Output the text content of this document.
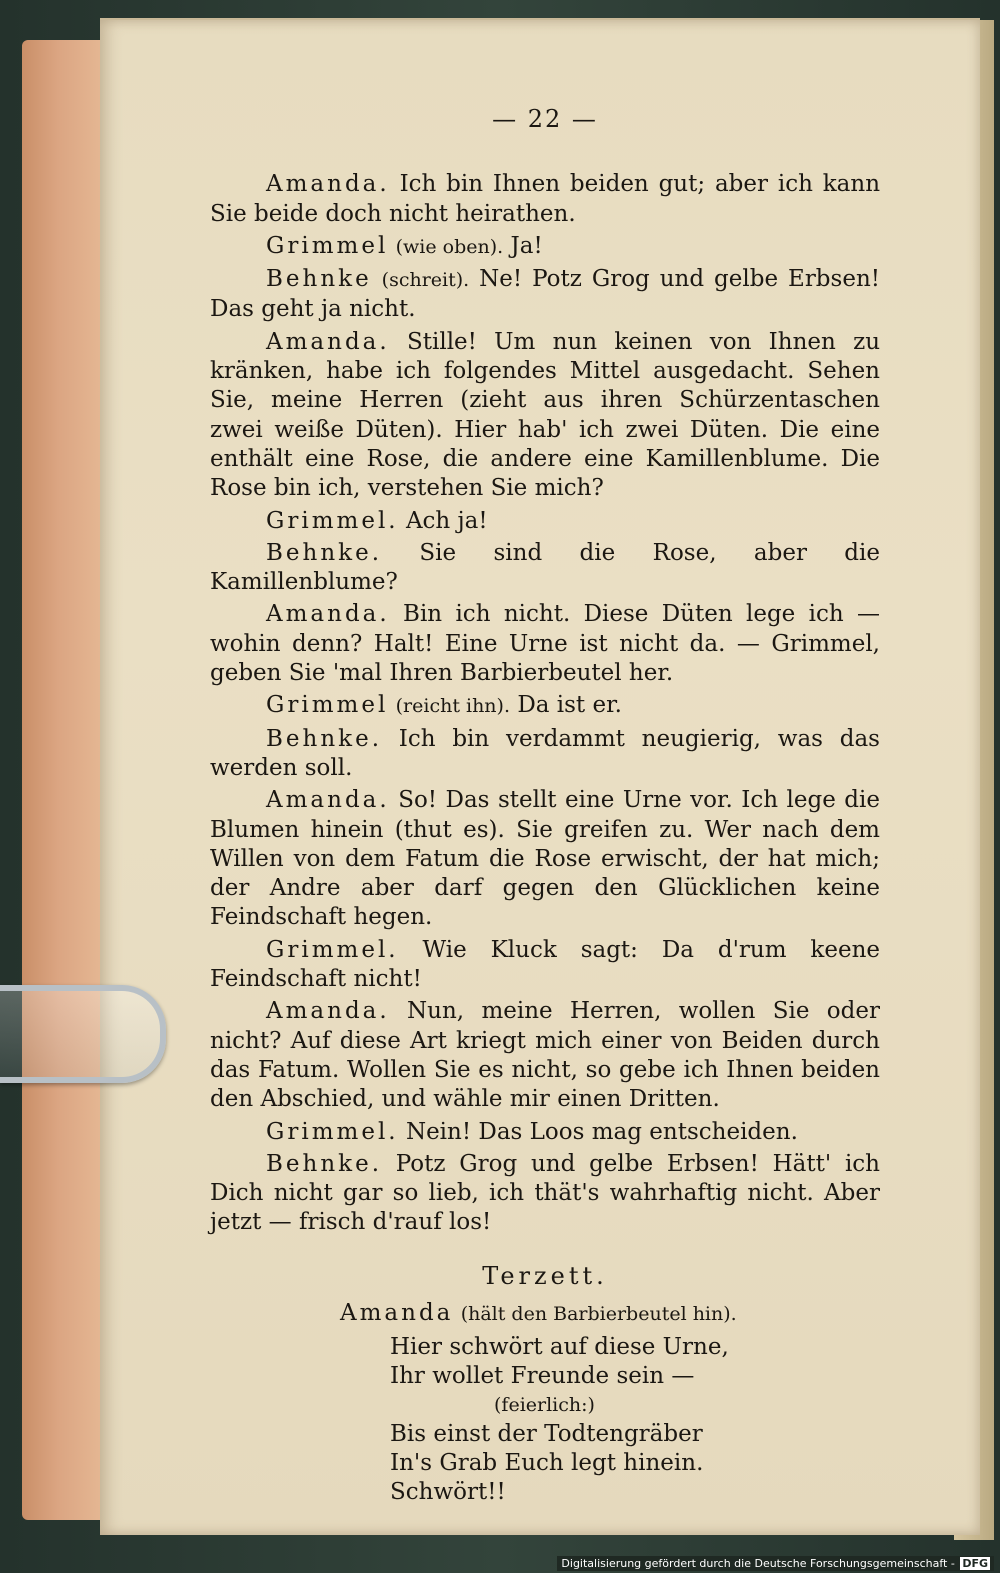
— 22 —

Amanda. Ich bin Ihnen beiden gut; aber ich kann Sie beide doch nicht heirathen.

Grimmel (wie oben). Ja!

Behnke (schreit). Ne! Potz Grog und gelbe Erbsen! Das geht ja nicht.

Amanda. Stille! Um nun keinen von Ihnen zu kränken, habe ich folgendes Mittel ausgedacht. Sehen Sie, meine Herren (zieht aus ihren Schürzentaschen zwei weiße Düten). Hier hab' ich zwei Düten. Die eine enthält eine Rose, die andere eine Kamillenblume. Die Rose bin ich, verstehen Sie mich?

Grimmel. Ach ja!

Behnke. Sie sind die Rose, aber die Kamillenblume?

Amanda. Bin ich nicht. Diese Düten lege ich — wohin denn? Halt! Eine Urne ist nicht da. — Grimmel, geben Sie 'mal Ihren Barbierbeutel her.

Grimmel (reicht ihn). Da ist er.

Behnke. Ich bin verdammt neugierig, was das werden soll.

Amanda. So! Das stellt eine Urne vor. Ich lege die Blumen hinein (thut es). Sie greifen zu. Wer nach dem Willen von dem Fatum die Rose erwischt, der hat mich; der Andre aber darf gegen den Glücklichen keine Feindschaft hegen.

Grimmel. Wie Kluck sagt: Da d'rum keene Feindschaft nicht!

Amanda. Nun, meine Herren, wollen Sie oder nicht? Auf diese Art kriegt mich einer von Beiden durch das Fatum. Wollen Sie es nicht, so gebe ich Ihnen beiden den Abschied, und wähle mir einen Dritten.

Grimmel. Nein! Das Loos mag entscheiden.

Behnke. Potz Grog und gelbe Erbsen! Hätt' ich Dich nicht gar so lieb, ich thät's wahrhaftig nicht. Aber jetzt — frisch d'rauf los!

Terzett.
Amanda (hält den Barbierbeutel hin).
Hier schwört auf diese Urne,
Ihr wollet Freunde sein —
(feierlich:)
Bis einst der Todtengräber
In's Grab Euch legt hinein.
Schwört!!
Digitalisierung gefördert durch die Deutsche Forschungsgemeinschaft - DFG
